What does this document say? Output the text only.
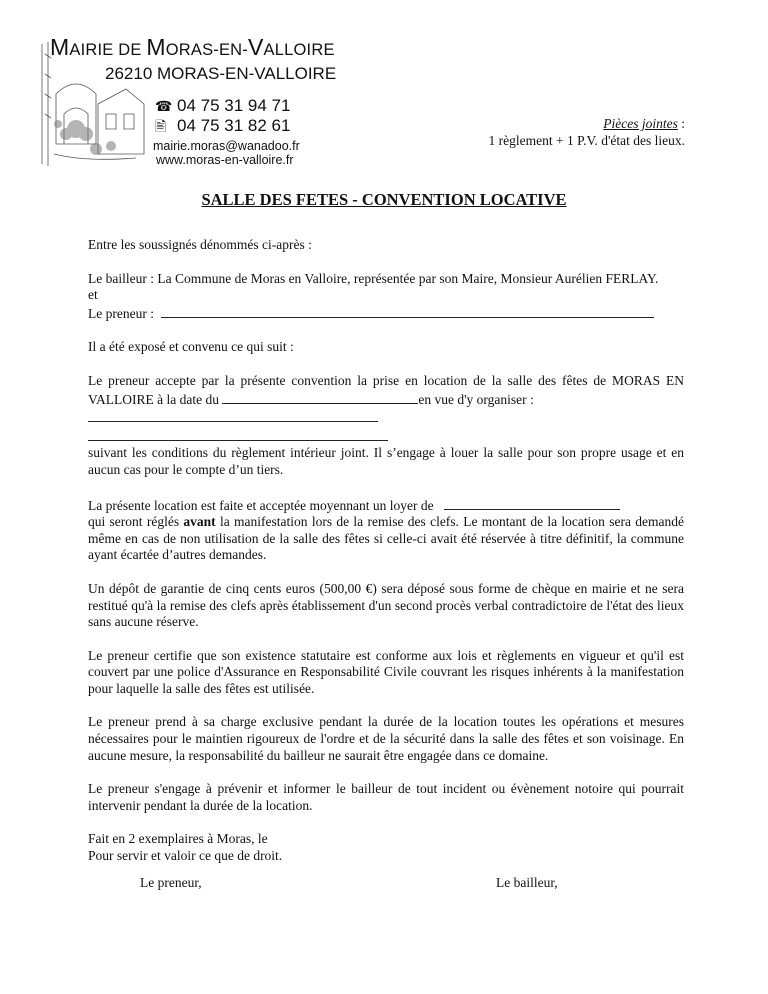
MAIRIE DE MORAS-EN-VALLOIRE
26210 MORAS-EN-VALLOIRE
☎ 04 75 31 94 71
🖹 04 75 31 82 61
mairie.moras@wanadoo.fr
www.moras-en-valloire.fr
Pièces jointes :
1 règlement + 1 P.V. d'état des lieux.
SALLE DES FETES - CONVENTION LOCATIVE

Entre les soussignés dénommés ci-après :

Le bailleur : La Commune de Moras en Valloire, représentée par son Maire, Monsieur Aurélien FERLAY.
et
Le preneur :

Il a été exposé et convenu ce qui suit :

Le preneur accepte par la présente convention la prise en location de la salle des fêtes de MORAS EN VALLOIRE à la date du	en vue d'y organiser :

suivant les conditions du règlement intérieur joint. Il s’engage à louer la salle pour son propre usage et en aucun cas pour le compte d’un tiers.

La présente location est faite et acceptée moyennant un loyer de
qui seront réglés avant la manifestation lors de la remise des clefs. Le montant de la location sera demandé même en cas de non utilisation de la salle des fêtes si celle-ci avait été réservée à titre définitif, la commune ayant écartée d’autres demandes.

Un dépôt de garantie de cinq cents euros (500,00 €) sera déposé sous forme de chèque en mairie et ne sera restitué qu'à la remise des clefs après établissement d'un second procès verbal contradictoire de l'état des lieux sans aucune réserve.

Le preneur certifie que son existence statutaire est conforme aux lois et règlements en vigueur et qu'il est couvert par une police d'Assurance en Responsabilité Civile couvrant les risques inhérents à la manifestation pour laquelle la salle des fêtes est utilisée.

Le preneur prend à sa charge exclusive pendant la durée de la location toutes les opérations et mesures nécessaires pour le maintien rigoureux de l'ordre et de la sécurité dans la salle des fêtes et son voisinage. En aucune mesure, la responsabilité du bailleur ne saurait être engagée dans ce domaine.

Le preneur s'engage à prévenir et informer le bailleur de tout incident ou évènement notoire qui pourrait intervenir pendant la durée de la location.

Fait en 2 exemplaires à Moras, le
Pour servir et valoir ce que de droit.

Le preneur,	Le bailleur,
